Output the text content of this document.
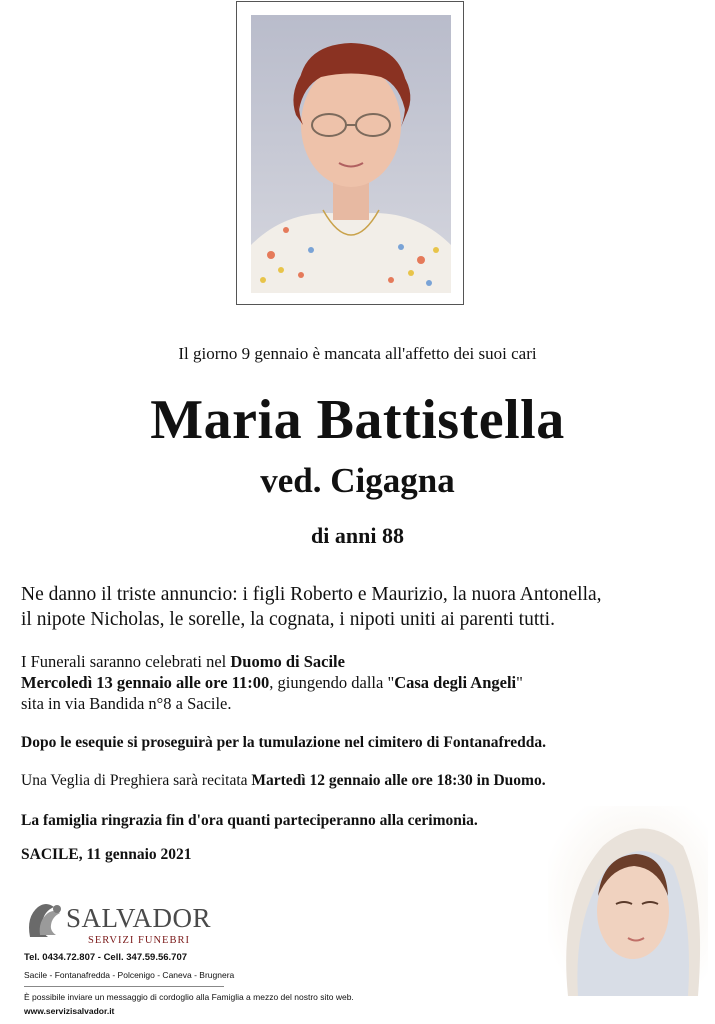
Il giorno 9 gennaio è mancata all'affetto dei suoi cari
Maria Battistella
ved. Cigagna
di anni 88

Ne danno il triste annuncio: i figli Roberto e Maurizio, la nuora Antonella,

il nipote Nicholas, le sorelle, la cognata, i nipoti uniti ai parenti tutti.

I Funerali saranno celebrati nel Duomo di Sacile

Mercoledì 13 gennaio alle ore 11:00, giungendo dalla "Casa degli Angeli"

sita in via Bandida n°8 a Sacile.

Dopo le esequie si proseguirà per la tumulazione nel cimitero di Fontanafredda.
Una Veglia di Preghiera sarà recitata Martedì 12 gennaio alle ore 18:30 in Duomo.
La famiglia ringrazia fin d'ora quanti parteciperanno alla cerimonia.
SACILE, 11 gennaio 2021
SALVADOR
SERVIZI FUNEBRI
Tel. 0434.72.807 - Cell. 347.59.56.707
Sacile - Fontanafredda - Polcenigo - Caneva - Brugnera
È possibile inviare un messaggio di cordoglio alla Famiglia a mezzo del nostro sito web.
www.servizisalvador.it
